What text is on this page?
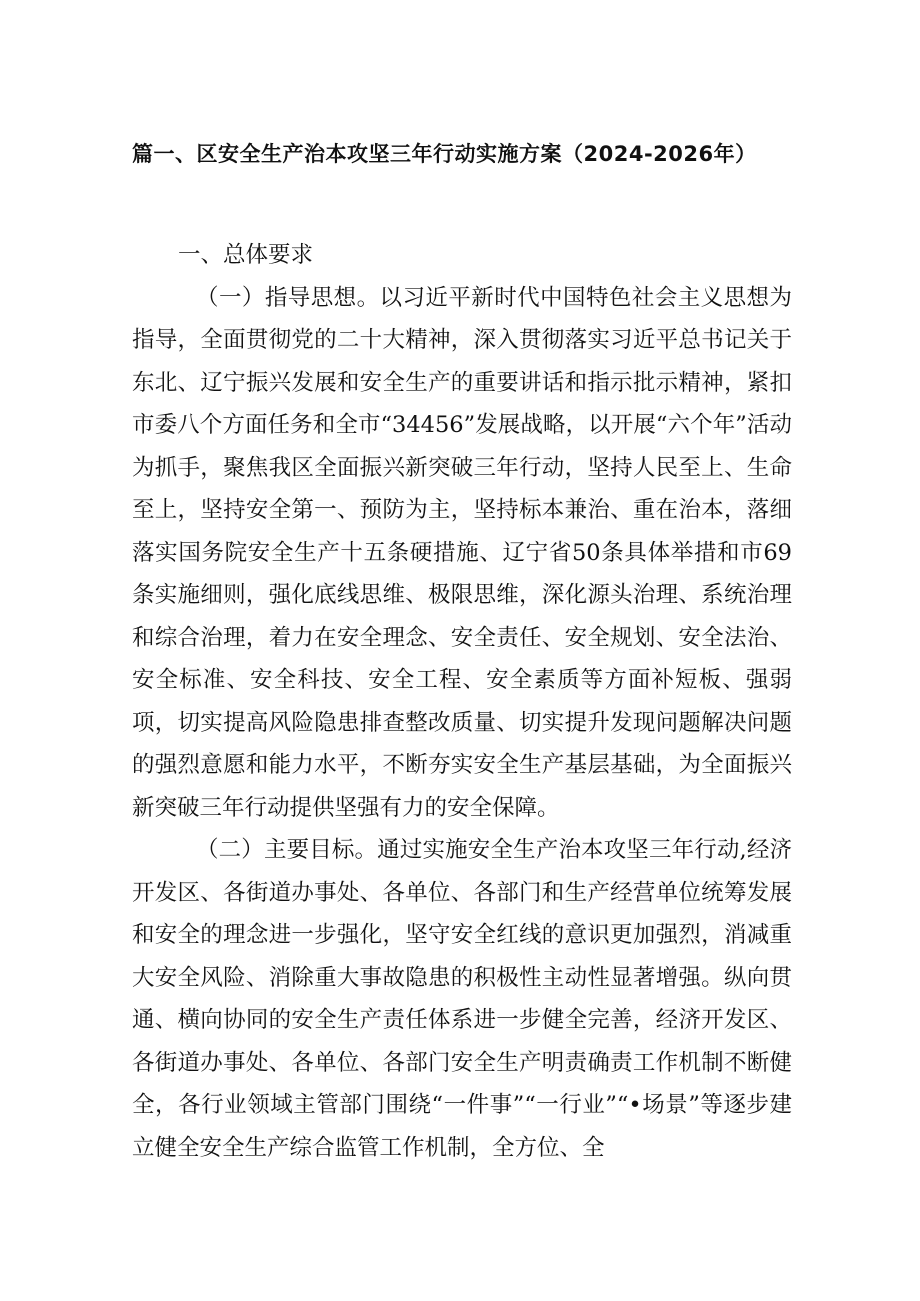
篇一、区安全生产治本攻坚三年行动实施方案（2024-2026年）
一、总体要求

（一）指导思想。以习近平新时代中国特色社会主义思想为指导，全面贯彻党的二十大精神，深入贯彻落实习近平总书记关于东北、辽宁振兴发展和安全生产的重要讲话和指示批示精神，紧扣市委八个方面任务和全市“34456”发展战略，以开展“六个年”活动为抓手，聚焦我区全面振兴新突破三年行动，坚持人民至上、生命至上，坚持安全第一、预防为主，坚持标本兼治、重在治本，落细落实国务院安全生产十五条硬措施、辽宁省50条具体举措和市69条实施细则，强化底线思维、极限思维，深化源头治理、系统治理和综合治理，着力在安全理念、安全责任、安全规划、安全法治、安全标准、安全科技、安全工程、安全素质等方面补短板、强弱项，切实提高风险隐患排查整改质量、切实提升发现问题解决问题的强烈意愿和能力水平，不断夯实安全生产基层基础，为全面振兴新突破三年行动提供坚强有力的安全保障。

（二）主要目标。通过实施安全生产治本攻坚三年行动,经济开发区、各街道办事处、各单位、各部门和生产经营单位统筹发展和安全的理念进一步强化，坚守安全红线的意识更加强烈，消减重大安全风险、消除重大事故隐患的积极性主动性显著增强。纵向贯通、横向协同的安全生产责任体系进一步健全完善，经济开发区、各街道办事处、各单位、各部门安全生产明责确责工作机制不断健全，各行业领域主管部门围绕“一件事”“一行业”“•场景”等逐步建立健全安全生产综合监管工作机制，全方位、全
